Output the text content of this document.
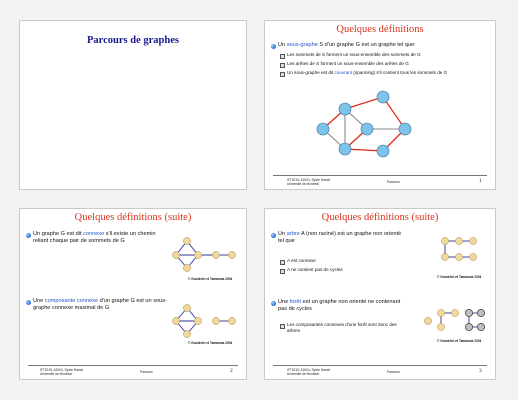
Parcours de graphes
Quelques définitions
Un sous-graphe S d'un graphe G est un graphe tel que:
Les sommets de S forment un sous-ensemble des sommets de G
Les arêtes de S forment un sous-ensemble des arêtes de G
Un sous-graphe est dit couvrant (spanning) s'il contient tous les sommets de G
IFT2015, A2004, Sylvie Hamel
Université de Montréal	Parcours	1
Quelques définitions (suite)
Un graphe G est dit connexe s'il existe un chemin reliant chaque pair de sommets de G
© Goodrich et Tamassia 2004
Une composante connexe d'un graphe G est un sous-graphe connexe maximal de G
© Goodrich et Tamassia 2004
IFT2015, A2004, Sylvie Hamel
Université de Montréal	Parcours	2
Quelques définitions (suite)
Un arbre A (non raciné) est un graphe non orienté tel que
A est connexe
A ne contient pas de cycles
© Goodrich et Tamassia 2004
Une forêt est un graphe non orienté ne contenant pas de cycles
Les composantes connexes d'une forêt sont donc des arbres
© Goodrich et Tamassia 2004
IFT2015, A2004, Sylvie Hamel
Université de Montréal	Parcours	3
